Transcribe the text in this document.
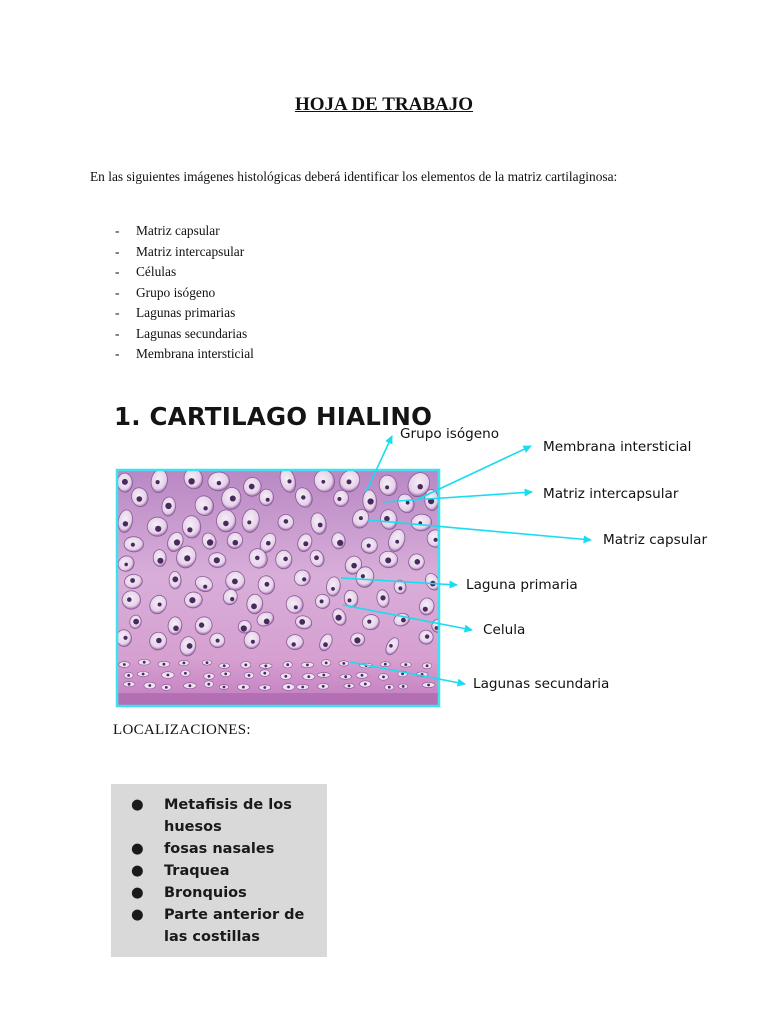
HOJA DE TRABAJO

En las siguientes imágenes histológicas deberá identificar los elementos de la matriz cartilaginosa:

- Matriz capsular
- Matriz intercapsular
- Células
- Grupo isógeno
- Lagunas primarias
- Lagunas secundarias
- Membrana intersticial
1. CARTILAGO HIALINO
Grupo isógeno
Membrana intersticial
Matriz intercapsular
Matriz capsular
Laguna primaria
Celula
Lagunas secundaria
LOCALIZACIONES:
● Metafisis de los huesos
● fosas nasales
● Traquea
● Bronquios
● Parte anterior de las costillas
